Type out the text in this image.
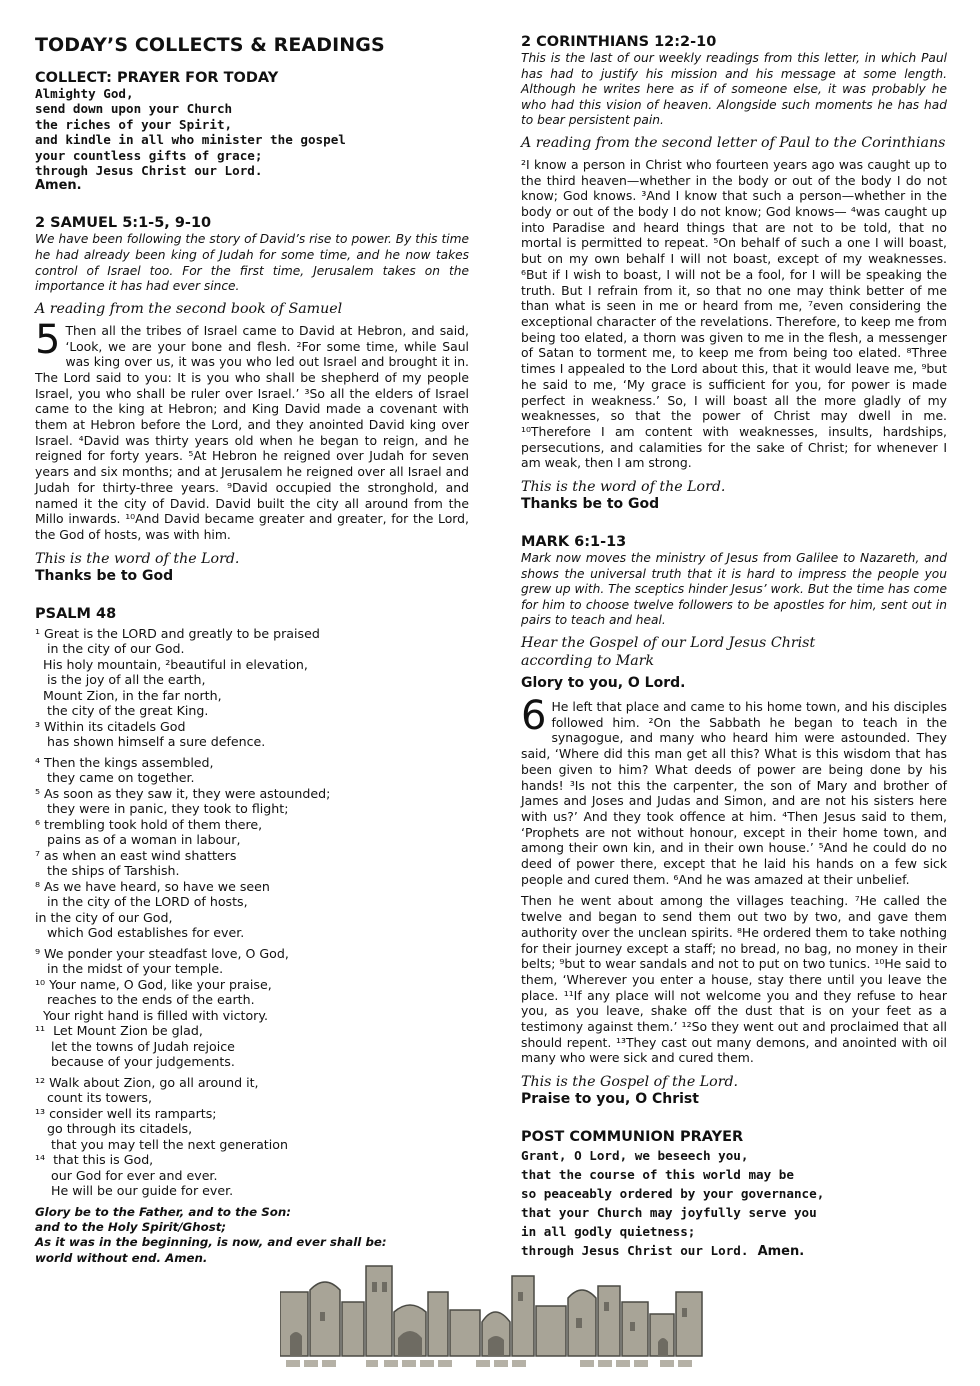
TODAY’S COLLECTS & READINGS
COLLECT: PRAYER FOR TODAY
Almighty God,
send down upon your Church
the riches of your Spirit,
and kindle in all who minister the gospel
your countless gifts of grace;
through Jesus Christ our Lord.
Amen.
2 SAMUEL 5:1-5, 9-10
We have been following the story of David’s rise to power. By this time he had already been king of Judah for some time, and he now takes control of Israel too. For the first time, Jerusalem takes on the importance it has had ever since.
A reading from the second book of Samuel
5 Then all the tribes of Israel came to David at Hebron, and said, ‘Look, we are your bone and flesh. ²For some time, while Saul was king over us, it was you who led out Israel and brought it in. The Lord said to you: It is you who shall be shepherd of my people Israel, you who shall be ruler over Israel.’ ³So all the elders of Israel came to the king at Hebron; and King David made a covenant with them at Hebron before the Lord, and they anointed David king over Israel. ⁴David was thirty years old when he began to reign, and he reigned for forty years. ⁵At Hebron he reigned over Judah for seven years and six months; and at Jerusalem he reigned over all Israel and Judah for thirty-three years. ⁹David occupied the stronghold, and named it the city of David. David built the city all around from the Millo inwards. ¹⁰And David became greater and greater, for the Lord, the God of hosts, was with him.
This is the word of the Lord.
Thanks be to God
PSALM 48
¹ Great is the LORD and greatly to be praised
in the city of our God.
His holy mountain, ²beautiful in elevation,
is the joy of all the earth,
Mount Zion, in the far north,
the city of the great King.
³ Within its citadels God
has shown himself a sure defence.
⁴ Then the kings assembled,
they came on together.
⁵ As soon as they saw it, they were astounded;
they were in panic, they took to flight;
⁶ trembling took hold of them there,
pains as of a woman in labour,
⁷ as when an east wind shatters
the ships of Tarshish.
⁸ As we have heard, so have we seen
in the city of the LORD of hosts,
in the city of our God,
which God establishes for ever.
⁹ We ponder your steadfast love, O God,
in the midst of your temple.
¹⁰ Your name, O God, like your praise,
reaches to the ends of the earth.
Your right hand is filled with victory.
¹¹  Let Mount Zion be glad,
let the towns of Judah rejoice
because of your judgements.
¹² Walk about Zion, go all around it,
count its towers,
¹³ consider well its ramparts;
go through its citadels,
that you may tell the next generation
¹⁴  that this is God,
our God for ever and ever.
He will be our guide for ever.
Glory be to the Father, and to the Son:
and to the Holy Spirit/Ghost;
As it was in the beginning, is now, and ever shall be:
world without end. Amen.
2 CORINTHIANS 12:2-10
This is the last of our weekly readings from this letter, in which Paul has had to justify his mission and his message at some length. Although he writes here as if of someone else, it was probably he who had this vision of heaven. Alongside such moments he has had to bear persistent pain.
A reading from the second letter of Paul to the Corinthians
²I know a person in Christ who fourteen years ago was caught up to the third heaven—whether in the body or out of the body I do not know; God knows. ³And I know that such a person—whether in the body or out of the body I do not know; God knows— ⁴was caught up into Paradise and heard things that are not to be told, that no mortal is permitted to repeat. ⁵On behalf of such a one I will boast, but on my own behalf I will not boast, except of my weaknesses. ⁶But if I wish to boast, I will not be a fool, for I will be speaking the truth. But I refrain from it, so that no one may think better of me than what is seen in me or heard from me, ⁷even considering the exceptional character of the revelations. Therefore, to keep me from being too elated, a thorn was given to me in the flesh, a messenger of Satan to torment me, to keep me from being too elated. ⁸Three times I appealed to the Lord about this, that it would leave me, ⁹but he said to me, ‘My grace is sufficient for you, for power is made perfect in weakness.’ So, I will boast all the more gladly of my weaknesses, so that the power of Christ may dwell in me. ¹⁰Therefore I am content with weaknesses, insults, hardships, persecutions, and calamities for the sake of Christ; for whenever I am weak, then I am strong.
This is the word of the Lord.
Thanks be to God
MARK 6:1-13
Mark now moves the ministry of Jesus from Galilee to Nazareth, and shows the universal truth that it is hard to impress the people you grew up with. The sceptics hinder Jesus’ work. But the time has come for him to choose twelve followers to be apostles for him, sent out in pairs to teach and heal.
Hear the Gospel of our Lord Jesus Christ
according to Mark
Glory to you, O Lord.
6 He left that place and came to his home town, and his disciples followed him. ²On the Sabbath he began to teach in the synagogue, and many who heard him were astounded. They said, ‘Where did this man get all this? What is this wisdom that has been given to him? What deeds of power are being done by his hands! ³Is not this the carpenter, the son of Mary and brother of James and Joses and Judas and Simon, and are not his sisters here with us?’ And they took offence at him. ⁴Then Jesus said to them, ‘Prophets are not without honour, except in their home town, and among their own kin, and in their own house.’ ⁵And he could do no deed of power there, except that he laid his hands on a few sick people and cured them. ⁶And he was amazed at their unbelief.
Then he went about among the villages teaching. ⁷He called the twelve and began to send them out two by two, and gave them authority over the unclean spirits. ⁸He ordered them to take nothing for their journey except a staff; no bread, no bag, no money in their belts; ⁹but to wear sandals and not to put on two tunics. ¹⁰He said to them, ‘Wherever you enter a house, stay there until you leave the place. ¹¹If any place will not welcome you and they refuse to hear you, as you leave, shake off the dust that is on your feet as a testimony against them.’ ¹²So they went out and proclaimed that all should repent. ¹³They cast out many demons, and anointed with oil many who were sick and cured them.
This is the Gospel of the Lord.
Praise to you, O Christ
POST COMMUNION PRAYER
Grant, O Lord, we beseech you,
that the course of this world may be
so peaceably ordered by your governance,
that your Church may joyfully serve you
in all godly quietness;
through Jesus Christ our Lord. Amen.
